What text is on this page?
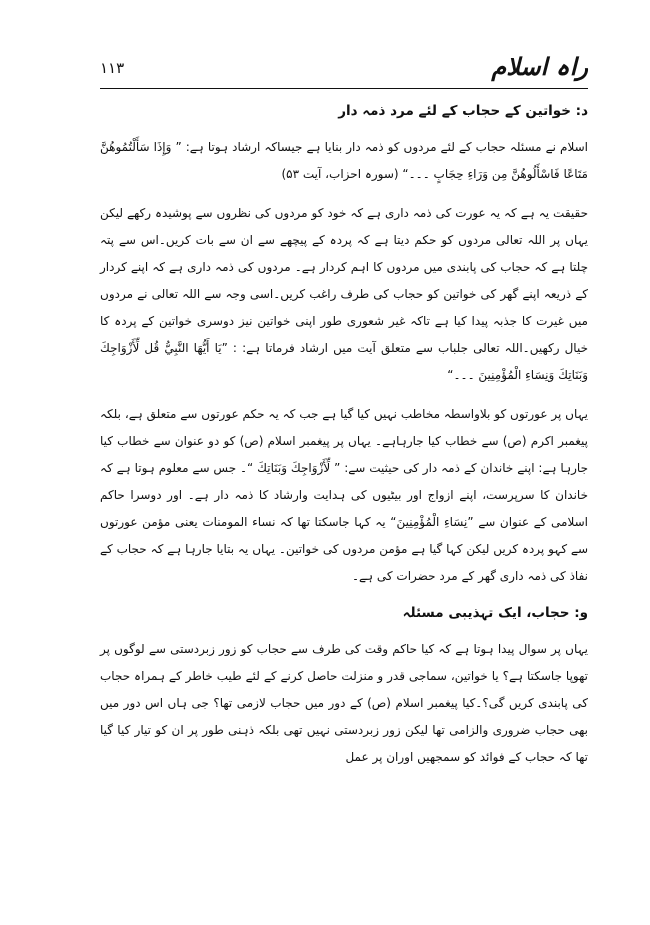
راہ اسلام
۱۱۳
د: خواتین کے حجاب کے لئے مرد ذمہ دار

اسلام نے مسئلہ حجاب کے لئے مردوں کو ذمہ دار بنایا ہے جیساکہ ارشاد ہوتا ہے: ” وَإِذَا سَأَلْتُمُوهُنَّ مَتَاعًا فَاسْأَلُوهُنَّ مِن وَرَاءِ حِجَابٍ ۔۔۔“ (سورہ احزاب، آیت ۵۳)

حقیقت یہ ہے کہ یہ عورت کی ذمہ داری ہے کہ خود کو مردوں کی نظروں سے پوشیدہ رکھے لیکن یہاں پر اللہ تعالی مردوں کو حکم دیتا ہے کہ پردہ کے پیچھے سے ان سے بات کریں۔اس سے پتہ چلتا ہے کہ حجاب کی پابندی میں مردوں کا اہم کردار ہے۔ مردوں کی ذمہ داری ہے کہ اپنے کردار کے ذریعہ اپنے گھر کی خواتین کو حجاب کی طرف راغب کریں۔اسی وجہ سے اللہ تعالی نے مردوں میں غیرت کا جذبہ پیدا کیا ہے تاکہ غیر شعوری طور اپنی خواتین نیز دوسری خواتین کے پردہ کا خیال رکھیں۔اللہ تعالی جلباب سے متعلق آیت میں ارشاد فرماتا ہے: : ”يَا أَيُّهَا النَّبِيُّ قُل لِّأَزْوَاجِكَ وَبَنَاتِكَ وَنِسَاءِ الْمُؤْمِنِينَ ۔۔۔“

یہاں پر عورتوں کو بلاواسطہ مخاطب نہیں کیا گیا ہے جب کہ یہ حکم عورتوں سے متعلق ہے، بلکہ پیغمبر اکرم (ص) سے خطاب کیا جارہاہے۔ یہاں پر پیغمبر اسلام (ص) کو دو عنوان سے خطاب کیا جارہا ہے: اپنے خاندان کے ذمہ دار کی حیثیت سے: ” لِّأَزْوَاجِكَ وَبَنَاتِكَ “۔ جس سے معلوم ہوتا ہے کہ خاندان کا سرپرست، اپنے ازواج اور بیٹیوں کی ہدایت وارشاد کا ذمہ دار ہے۔ اور دوسرا حاکم اسلامی کے عنوان سے ”نِسَاءِ الْمُؤْمِنِينَ“ یہ کہا جاسکتا تھا کہ نساء المومنات یعنی مؤمن عورتوں سے کہو پردہ کریں لیکن کہا گیا ہے مؤمن مردوں کی خواتین۔ یہاں یہ بتایا جارہا ہے کہ حجاب کے نفاذ کی ذمہ داری گھر کے مرد حضرات کی ہے۔

و: حجاب، ایک تہذیبی مسئلہ

یہاں پر سوال پیدا ہوتا ہے کہ کیا حاکم وقت کی طرف سے حجاب کو زور زبردستی سے لوگوں پر تھوپا جاسکتا ہے؟ یا خواتین، سماجی قدر و منزلت حاصل کرنے کے لئے طیب خاطر کے ہمراہ حجاب کی پابندی کریں گی؟۔کیا پیغمبر اسلام (ص) کے دور میں حجاب لازمی تھا؟ جی ہاں اس دور میں بھی حجاب ضروری والزامی تھا لیکن زور زبردستی نہیں تھی بلکہ ذہنی طور پر ان کو تیار کیا گیا تھا کہ حجاب کے فوائد کو سمجھیں اوران پر عمل
